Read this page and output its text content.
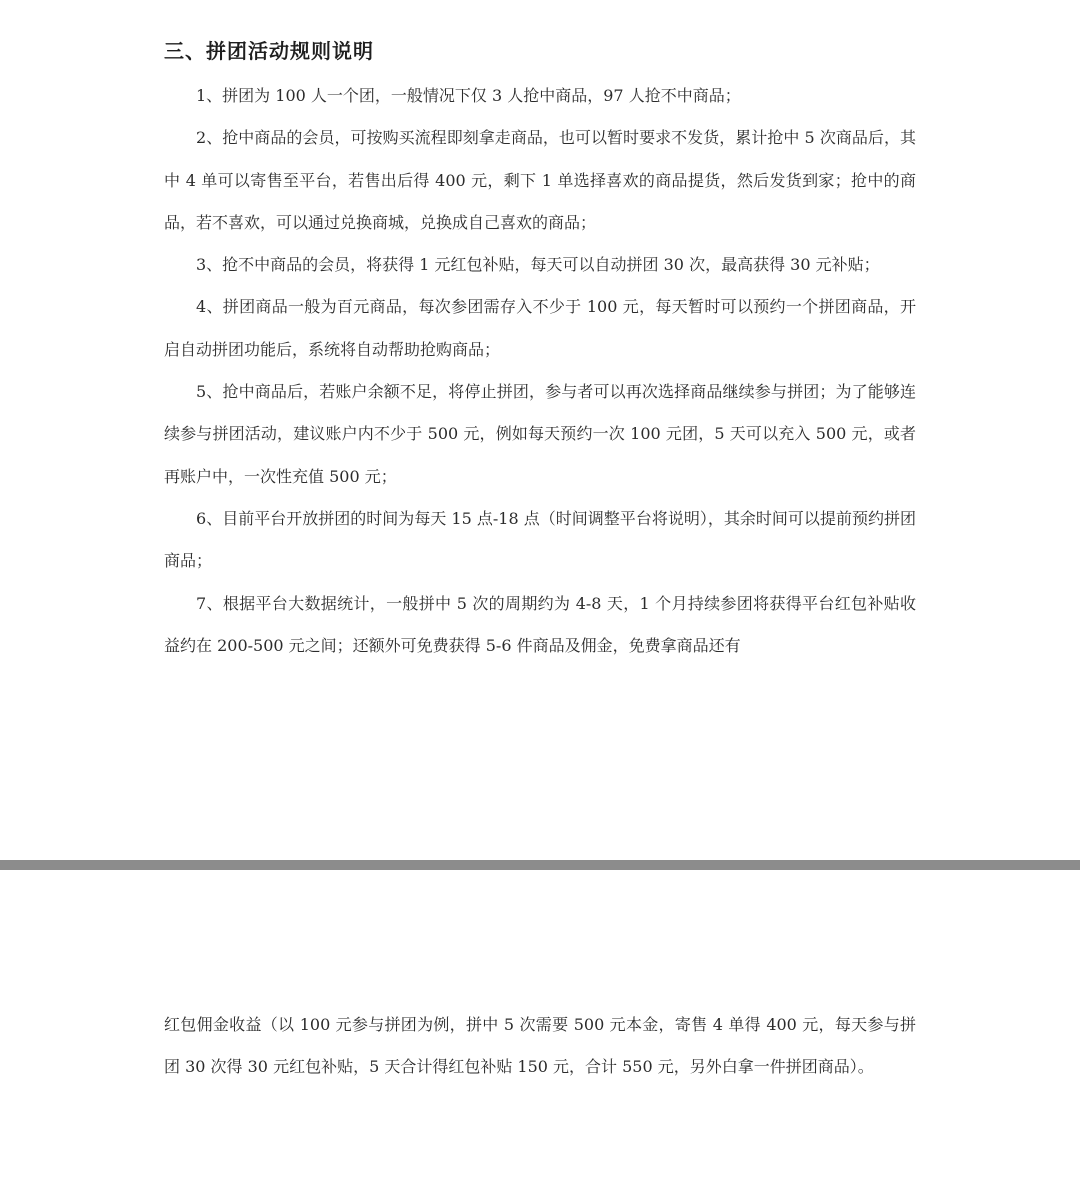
三、拼团活动规则说明

1、拼团为 100 人一个团，一般情况下仅 3 人抢中商品，97 人抢不中商品；

2、抢中商品的会员，可按购买流程即刻拿走商品，也可以暂时要求不发货，累计抢中 5 次商品后，其中 4 单可以寄售至平台，若售出后得 400 元，剩下 1 单选择喜欢的商品提货，然后发货到家；抢中的商品，若不喜欢，可以通过兑换商城，兑换成自己喜欢的商品；

3、抢不中商品的会员，将获得 1 元红包补贴，每天可以自动拼团 30 次，最高获得 30 元补贴；

4、拼团商品一般为百元商品，每次参团需存入不少于 100 元，每天暂时可以预约一个拼团商品，开启自动拼团功能后，系统将自动帮助抢购商品；

5、抢中商品后，若账户余额不足，将停止拼团，参与者可以再次选择商品继续参与拼团；为了能够连续参与拼团活动，建议账户内不少于 500 元，例如每天预约一次 100 元团，5 天可以充入 500 元，或者再账户中，一次性充值 500 元；

6、目前平台开放拼团的时间为每天 15 点-18 点（时间调整平台将说明），其余时间可以提前预约拼团商品；

7、根据平台大数据统计，一般拼中 5 次的周期约为 4-8 天，1 个月持续参团将获得平台红包补贴收益约在 200-500 元之间；还额外可免费获得 5-6 件商品及佣金，免费拿商品还有

红包佣金收益（以 100 元参与拼团为例，拼中 5 次需要 500 元本金，寄售 4 单得 400 元，每天参与拼团 30 次得 30 元红包补贴，5 天合计得红包补贴 150 元，合计 550 元，另外白拿一件拼团商品）。
